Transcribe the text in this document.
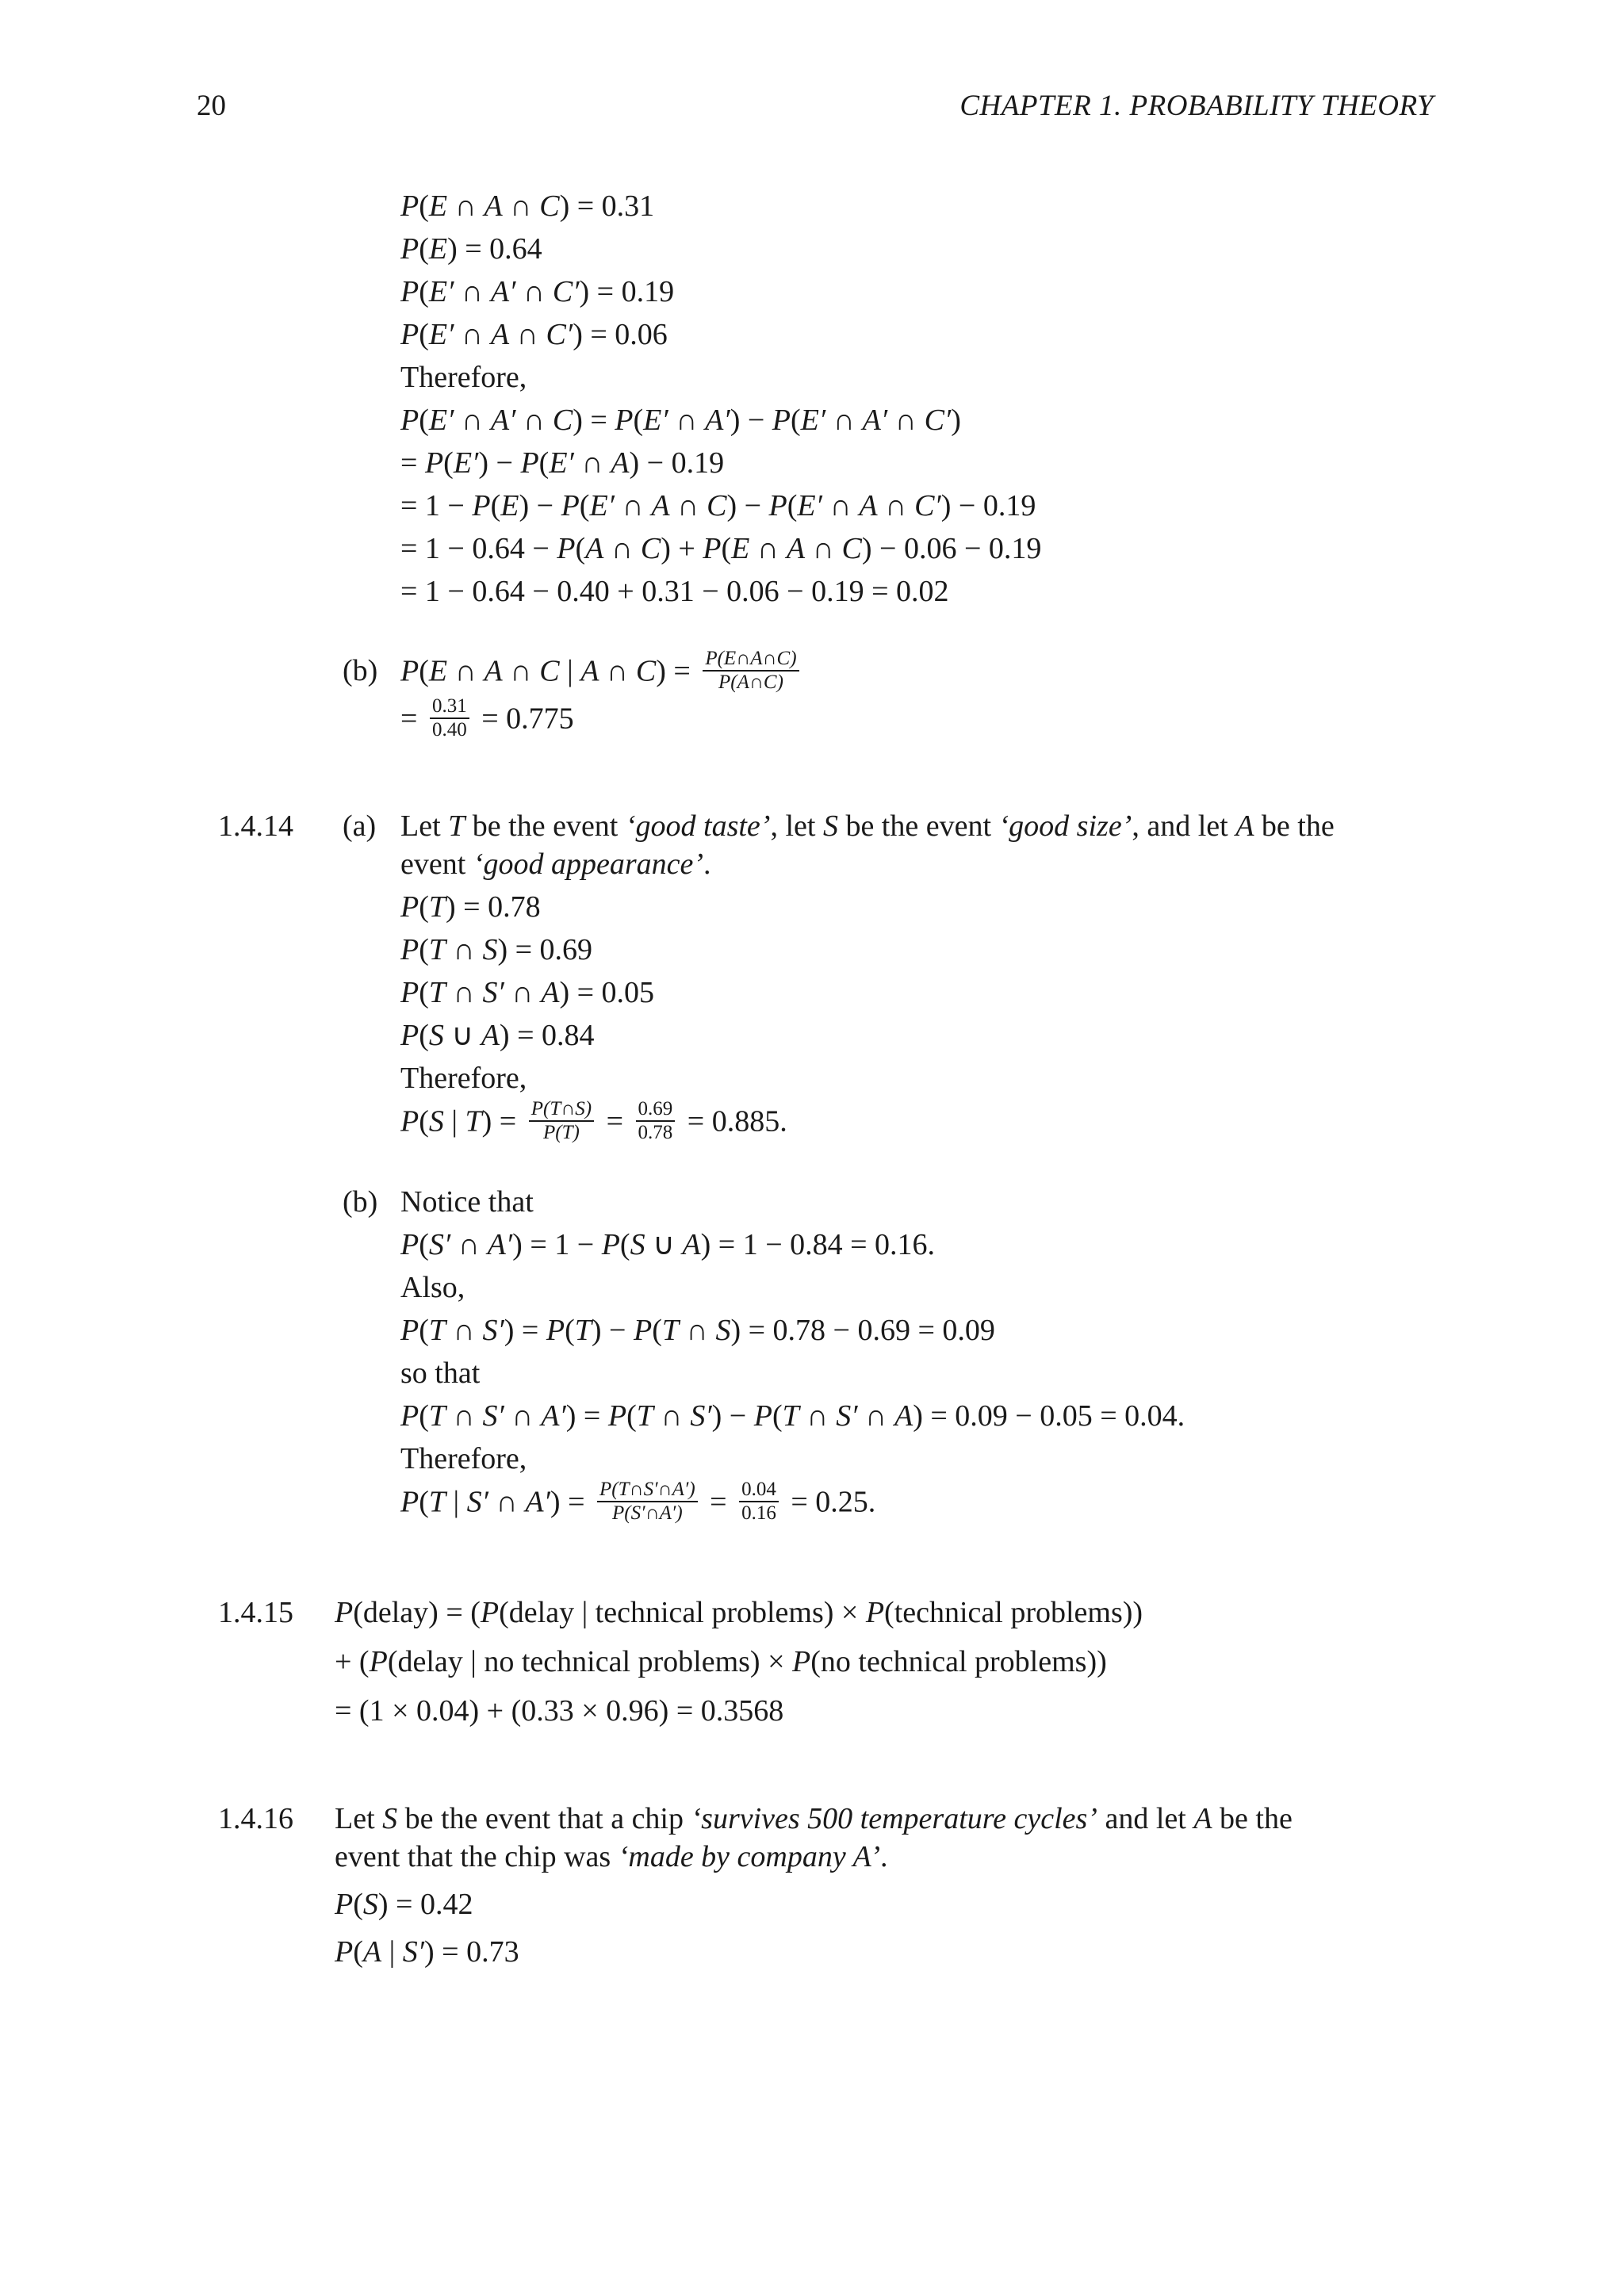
20	CHAPTER 1. PROBABILITY THEORY
P(E ∩ A ∩ C) = 0.31
P(E) = 0.64
P(E′ ∩ A′ ∩ C′) = 0.19
P(E′ ∩ A ∩ C′) = 0.06
Therefore,
P(E′ ∩ A′ ∩ C) = P(E′ ∩ A′) − P(E′ ∩ A′ ∩ C′)
= P(E′) − P(E′ ∩ A) − 0.19
= 1 − P(E) − P(E′ ∩ A ∩ C) − P(E′ ∩ A ∩ C′) − 0.19
= 1 − 0.64 − P(A ∩ C) + P(E ∩ A ∩ C) − 0.06 − 0.19
= 1 − 0.64 − 0.40 + 0.31 − 0.06 − 0.19 = 0.02
(b) P(E ∩ A ∩ C | A ∩ $C) = \frac{P(E\cap A\cap C)}{P(A\cap C)}$
= $\frac{0.31}{0.40} = 0.775$
1.4.14 (a) Let T be the event ‘good taste’, let S be the event ‘good size’, and let A be the
event ‘good appearance’.
P(T) = 0.78
P(T ∩ S) = 0.69
P(T ∩ S′ ∩ A) = 0.05
P(S ∪ A) = 0.84
Therefore,
P(S | $T) = \frac{P(T\cap S)}{P(T)} = \frac{0.69}{0.78} = 0.885$.
(b) Notice that
P(S′ ∩ A′) = 1 − P(S ∪ A) = 1 − 0.84 = 0.16.
Also,
P(T ∩ S′) = P(T) − P(T ∩ S) = 0.78 − 0.69 = 0.09
so that
P(T ∩ S′ ∩ A′) = P(T ∩ S′) − P(T ∩ S′ ∩ A) = 0.09 − 0.05 = 0.04.
Therefore,
P(T | S′ ∩ $A') = \frac{P(T\cap S'\cap A')}{P(S'\cap A')} = \frac{0.04}{0.16} = 0.25$.
1.4.15 P(delay) = (P(delay | technical problems) × P(technical problems))
+ (P(delay | no technical problems) × P(no technical problems))
= (1 × 0.04) + (0.33 × 0.96) = 0.3568
1.4.16 Let S be the event that a chip ‘survives 500 temperature cycles’ and let A be the
event that the chip was ‘made by company A’.
P(S) = 0.42
P(A | S′) = 0.73
